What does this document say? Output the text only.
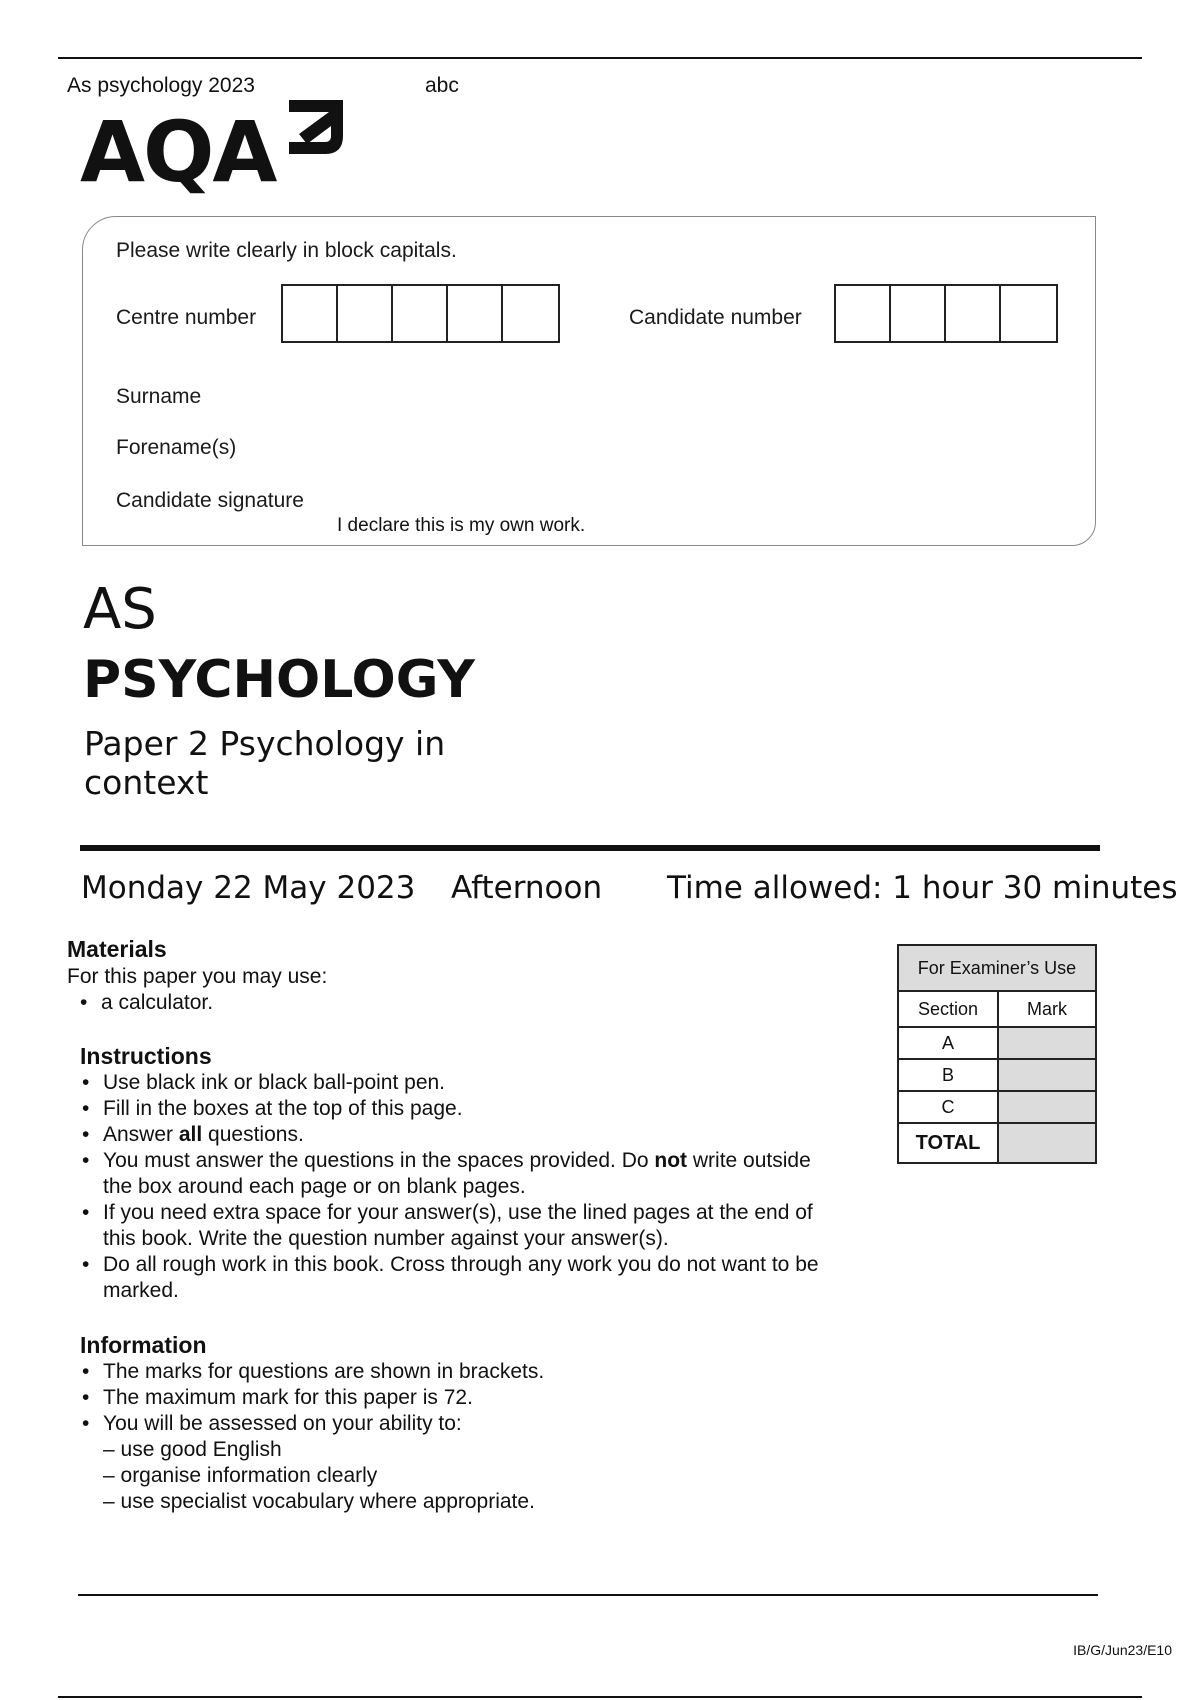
As psychology 2023	abc
AQA
Please write clearly in block capitals.
Centre number	Candidate number
Surname
Forename(s)
Candidate signature
I declare this is my own work.
AS
PSYCHOLOGY
Paper 2 Psychology in
context
Monday 22 May 2023 Afternoon Time allowed: 1 hour 30 minutes
Materials
For this paper you may use:
• a calculator.
Instructions
• Use black ink or black ball-point pen.
• Fill in the boxes at the top of this page.
• Answer all questions.
• You must answer the questions in the spaces provided. Do not write outside the box around each page or on blank pages.
• If you need extra space for your answer(s), use the lined pages at the end of this book. Write the question number against your answer(s).
• Do all rough work in this book. Cross through any work you do not want to be marked.
Information
• The marks for questions are shown in brackets.
• The maximum mark for this paper is 72.
• You will be assessed on your ability to:
– use good English
– organise information clearly
– use specialist vocabulary where appropriate.
For Examiner’s Use	
Section	Mark
A	
B	
C	
TOTAL	
IB/G/Jun23/E10
